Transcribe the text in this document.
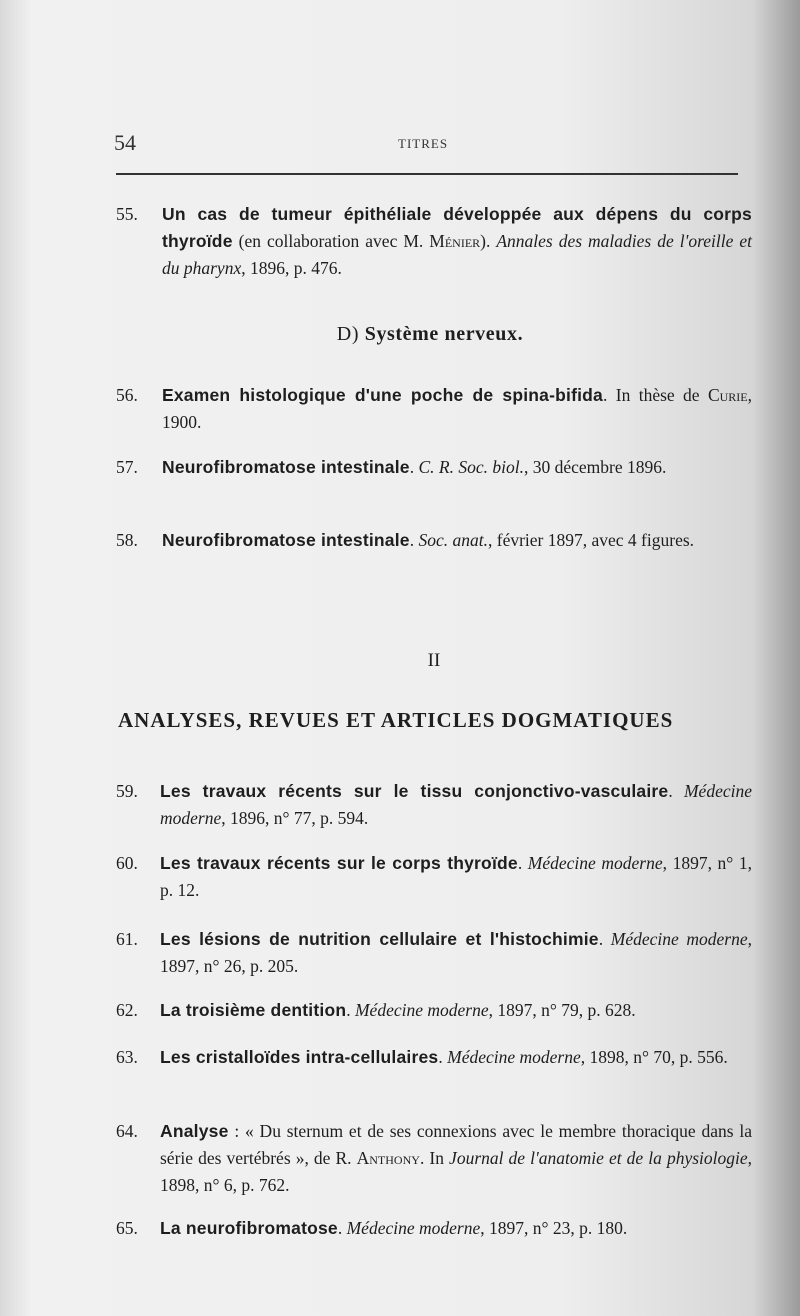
54	TITRES
55. Un cas de tumeur épithéliale développée aux dépens du corps thyroïde (en collaboration avec M. Ménier). Annales des maladies de l'oreille et du pharynx, 1896, p. 476.
D) Système nerveux.
56. Examen histologique d'une poche de spina-bifida. In thèse de Curie, 1900.
57. Neurofibromatose intestinale. C. R. Soc. biol., 30 décembre 1896.
58. Neurofibromatose intestinale. Soc. anat., février 1897, avec 4 figures.
II
ANALYSES, REVUES ET ARTICLES DOGMATIQUES
59. Les travaux récents sur le tissu conjonctivo-vasculaire. Médecine moderne, 1896, n° 77, p. 594.
60. Les travaux récents sur le corps thyroïde. Médecine moderne, 1897, n° 1, p. 12.
61. Les lésions de nutrition cellulaire et l'histochimie. Médecine moderne, 1897, n° 26, p. 205.
62. La troisième dentition. Médecine moderne, 1897, n° 79, p. 628.
63. Les cristalloïdes intra-cellulaires. Médecine moderne, 1898, n° 70, p. 556.
64. Analyse : « Du sternum et de ses connexions avec le membre thoracique dans la série des vertébrés », de R. Anthony. In Journal de l'anatomie et de la physiologie, 1898, n° 6, p. 762.
65. La neurofibromatose. Médecine moderne, 1897, n° 23, p. 180.
